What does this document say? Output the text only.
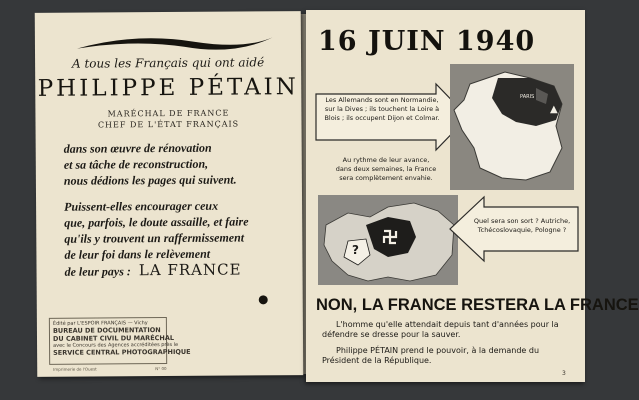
A tous les Français qui ont aidé
PHILIPPE PÉTAIN
MARÉCHAL DE FRANCE
CHEF DE L'ÉTAT FRANÇAIS
dans son œuvre de rénovation
et sa tâche de reconstruction,
nous dédions les pages qui suivent.
Puissent-elles encourager ceux
que, parfois, le doute assaille, et faire
qu'ils y trouvent un raffermissement
de leur foi dans le relèvement
de leur pays : LA FRANCE
Édité par L'ESPOIR FRANÇAIS — Vichy
BUREAU DE DOCUMENTATION
DU CABINET CIVIL DU MARÉCHAL
avec le Concours des Agences accréditées près le
SERVICE CENTRAL PHOTOGRAPHIQUE
Imprimerie de l'Ouest	N° 00
16 JUIN 1940
Les Allemands sont en Normandie,
sur la Dives ; ils touchent la Loire à
Blois ; ils occupent Dijon et Colmar.
Au rythme de leur avance,
dans deux semaines, la France
sera complètement envahie.
▲
PARIS
?
Quel sera son sort ? Autriche,
Tchécoslovaquie, Pologne ?
NON, LA FRANCE RESTERA LA FRANCE
L'homme qu'elle attendait depuis tant d'années pour la défendre se dresse pour la sauver.
Philippe PÉTAIN prend le pouvoir, à la demande du Président de la République.
3
